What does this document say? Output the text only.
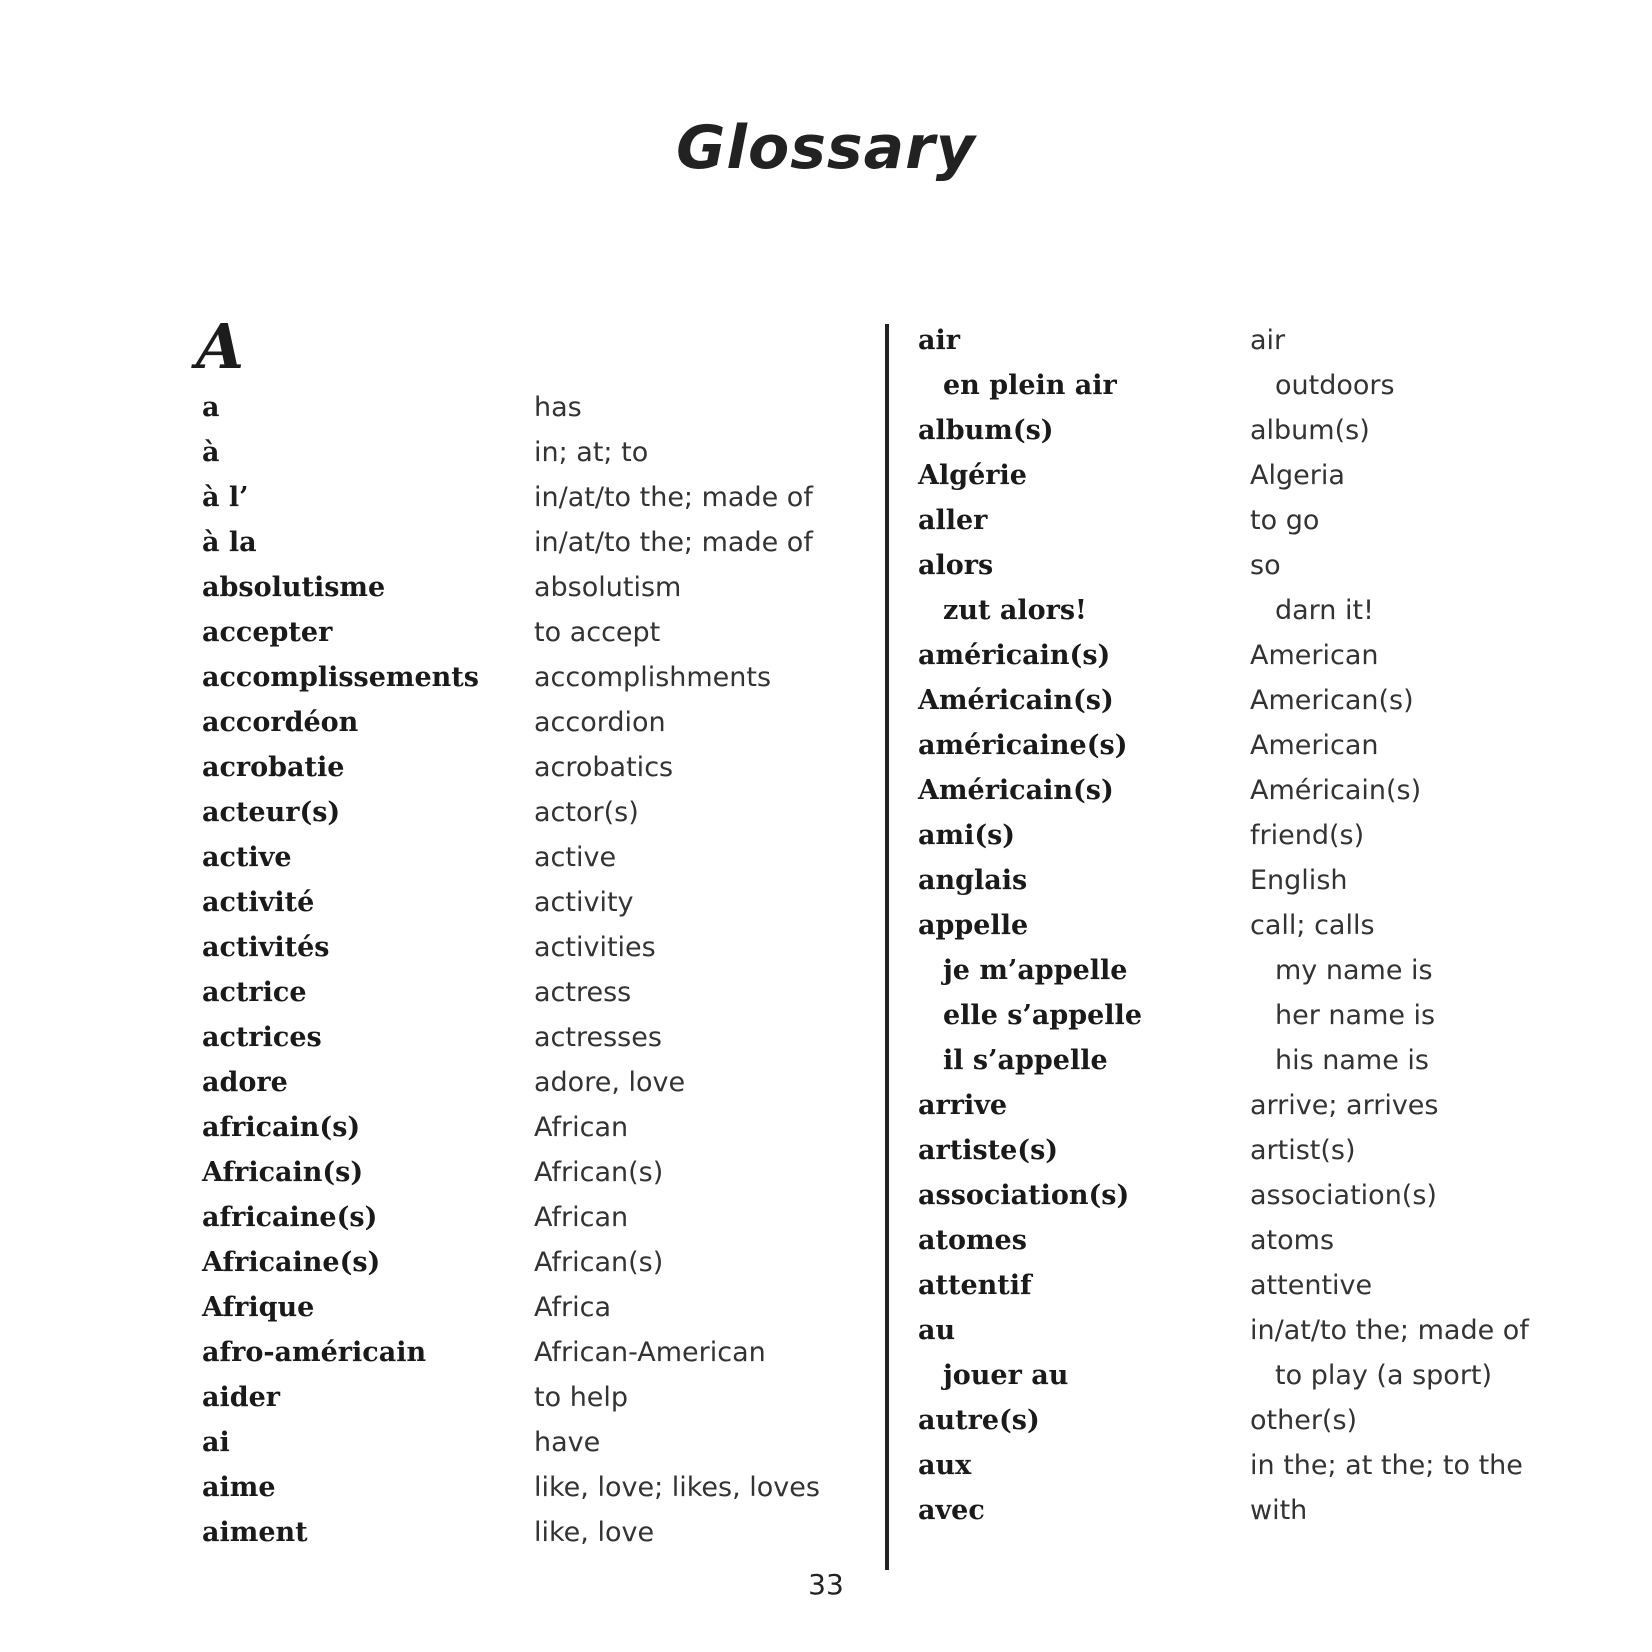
Glossary
A
a	has
à	in; at; to
à l’	in/at/to the; made of
à la	in/at/to the; made of
absolutisme	absolutism
accepter	to accept
accomplissements accomplishments
accordéon	accordion
acrobatie	acrobatics
acteur(s)	actor(s)
active	active
activité	activity
activités	activities
actrice	actress
actrices	actresses
adore	adore, love
africain(s)	African
Africain(s)	African(s)
africaine(s)	African
Africaine(s)	African(s)
Afrique	Africa
afro-américain	African-American
aider	to help
ai	have
aime	like, love; likes, loves
aiment	like, love
air	air
en plein air	outdoors
album(s)	album(s)
Algérie	Algeria
aller	to go
alors	so
zut alors!	darn it!
américain(s)	American
Américain(s)	American(s)
américaine(s)	American
Américain(s)	Américain(s)
ami(s)	friend(s)
anglais	English
appelle	call; calls
je m’appelle	my name is
elle s’appelle	her name is
il s’appelle	his name is
arrive	arrive; arrives
artiste(s)	artist(s)
association(s)	association(s)
atomes	atoms
attentif	attentive
au	in/at/to the; made of
jouer au	to play (a sport)
autre(s)	other(s)
aux	in the; at the; to the
avec	with
33
